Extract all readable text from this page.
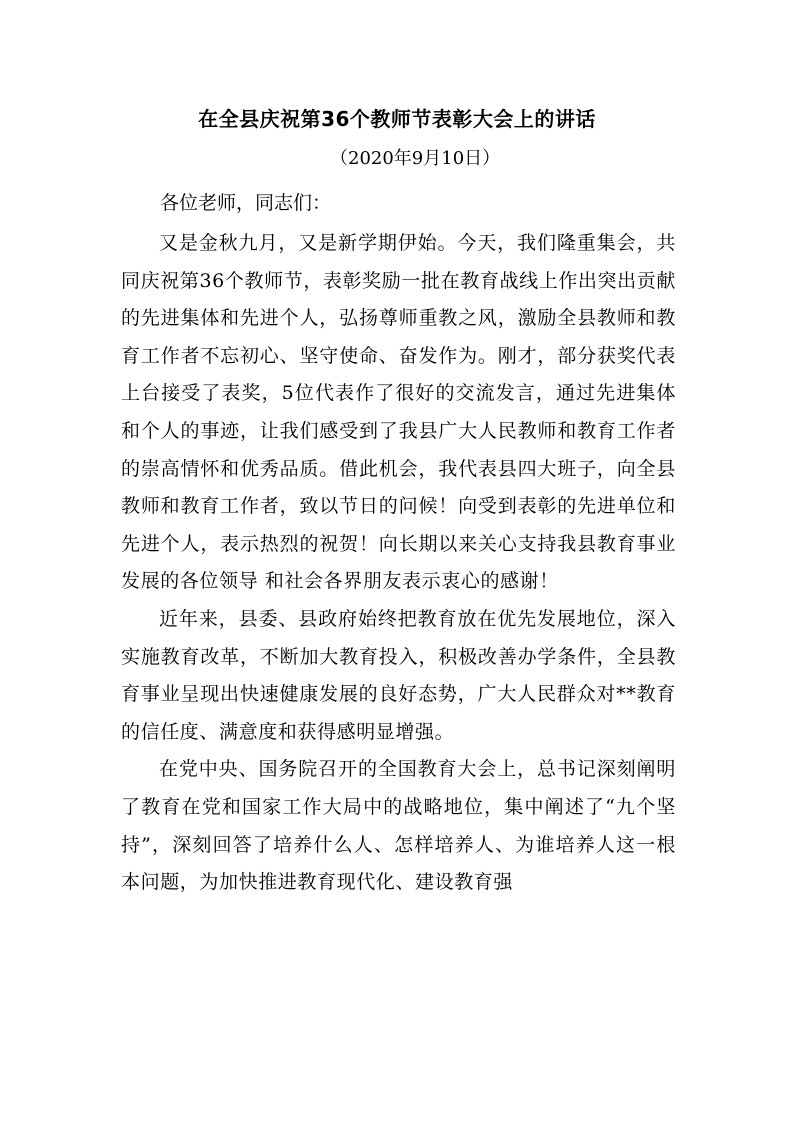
在全县庆祝第36个教师节表彰大会上的讲话
（2020年9月10日）
各位老师，同志们：

又是金秋九月，又是新学期伊始。今天，我们隆重集会，共同庆祝第36个教师节，表彰奖励一批在教育战线上作出突出贡献的先进集体和先进个人，弘扬尊师重教之风，激励全县教师和教育工作者不忘初心、坚守使命、奋发作为。刚才，部分获奖代表上台接受了表奖，5位代表作了很好的交流发言，通过先进集体和个人的事迹，让我们感受到了我县广大人民教师和教育工作者的崇高情怀和优秀品质。借此机会，我代表县四大班子，向全县教师和教育工作者，致以节日的问候！向受到表彰的先进单位和先进个人，表示热烈的祝贺！向长期以来关心支持我县教育事业发展的各位领导 和社会各界朋友表示衷心的感谢！

近年来，县委、县政府始终把教育放在优先发展地位，深入实施教育改革，不断加大教育投入，积极改善办学条件，全县教育事业呈现出快速健康发展的良好态势，广大人民群众对**教育的信任度、满意度和获得感明显增强。

在党中央、国务院召开的全国教育大会上，总书记深刻阐明了教育在党和国家工作大局中的战略地位，集中阐述了“九个坚持”，深刻回答了培养什么人、怎样培养人、为谁培养人这一根本问题，为加快推进教育现代化、建设教育强
